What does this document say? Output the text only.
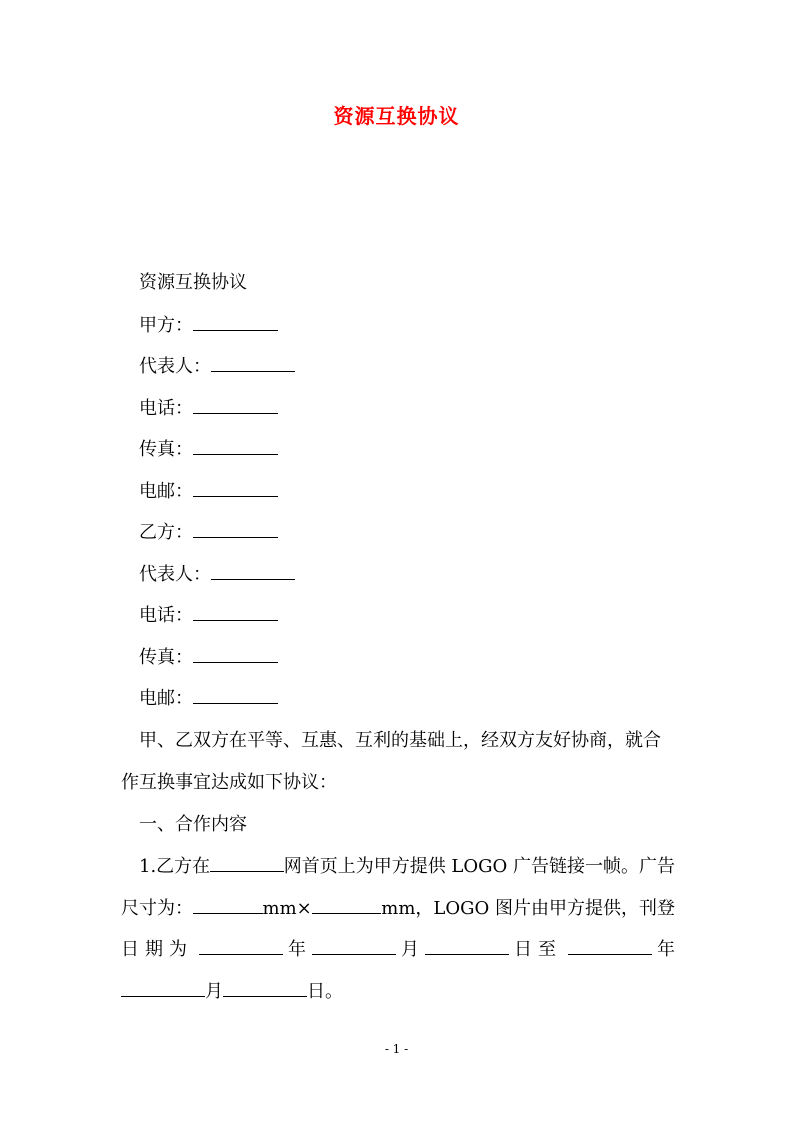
资源互换协议
资源互换协议
甲方：
代表人：
电话：
传真：
电邮：
乙方：
代表人：
电话：
传真：
电邮：
甲、乙双方在平等、互惠、互利的基础上，经双方友好协商，就合
作互换事宜达成如下协议：
一、合作内容
1.乙方在	网首页上为甲方提供 LOGO 广告链接一帧。广告
尺寸为：	mm×	mm，LOGO 图片由甲方提供，刊登
日期为	年	月	日至	年
月	日。
- 1 -
